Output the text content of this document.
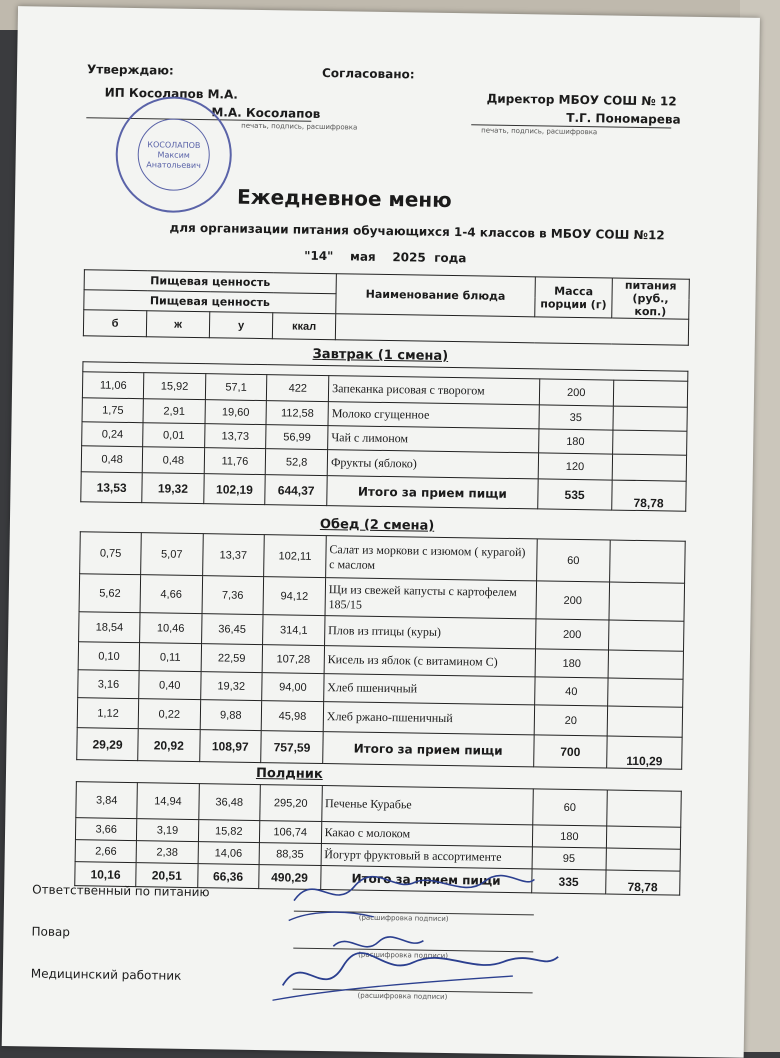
Утверждаю:
ИП Косолапов М.А.
М.А. Косолапов
печать, подпись, расшифровка
Согласовано:
Директор МБОУ СОШ № 12
Т.Г. Пономарева
печать, подпись, расшифровка
КОСОЛАПОВ
Максим
Анатольевич
Ежедневное меню
для организации питания обучающихся 1-4 классов в МБОУ СОШ №12
"14"    мая    2025  года
Пищевая ценность				Наименование блюда	Масса порции (г)	питания (руб., коп.)
Пищевая ценность						
б	ж	у	ккал			
Завтрак (1 смена)

11,06	15,92	57,1	422	Запеканка рисовая с творогом	200	
1,75	2,91	19,60	112,58	Молоко сгущенное	35	
0,24	0,01	13,73	56,99	Чай с лимоном	180	
0,48	0,48	11,76	52,8	Фрукты (яблоко)	120	
13,53	19,32	102,19	644,37	Итого за прием пищи	535	78,78
Обед (2 смена)
0,75	5,07	13,37	102,11	Салат из моркови с изюмом ( курагой) с маслом	60	
5,62	4,66	7,36	94,12	Щи из свежей капусты с картофелем 185/15	200	
18,54	10,46	36,45	314,1	Плов из птицы (куры)	200	
0,10	0,11	22,59	107,28	Кисель из яблок (с витамином С)	180	
3,16	0,40	19,32	94,00	Хлеб пшеничный	40	
1,12	0,22	9,88	45,98	Хлеб ржано-пшеничный	20	
29,29	20,92	108,97	757,59	Итого за прием пищи	700	110,29
Полдник
3,84	14,94	36,48	295,20	Печенье Курабье	60	
3,66	3,19	15,82	106,74	Какао с молоком	180	
2,66	2,38	14,06	88,35	Йогурт фруктовый в ассортименте	95	
10,16	20,51	66,36	490,29	Итого за прием пищи	335	78,78
Ответственный по питанию
(расшифровка подписи)
Повар
(расшифровка подписи)
Медицинский работник
(расшифровка подписи)
